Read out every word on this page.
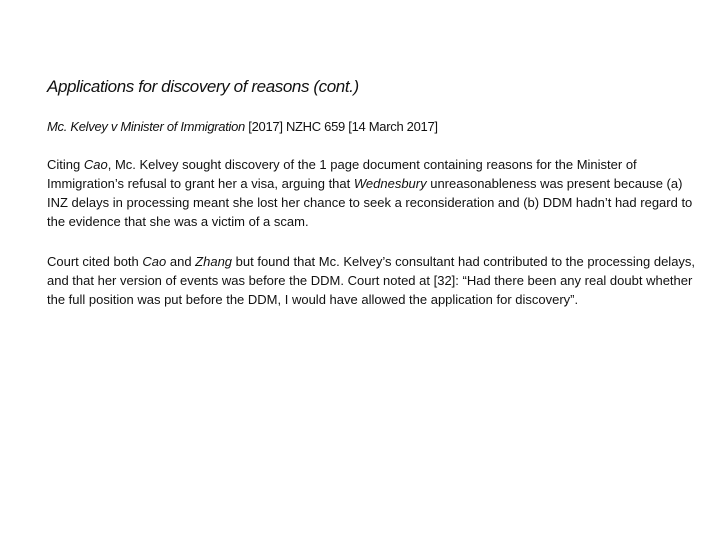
Applications for discovery of reasons (cont.)

Mc. Kelvey v Minister of Immigration [2017] NZHC 659 [14 March 2017]

Citing Cao, Mc. Kelvey sought discovery of the 1 page document containing reasons for the Minister of Immigration’s refusal to grant her a visa, arguing that Wednesbury unreasonableness was present because (a) INZ delays in processing meant she lost her chance to seek a reconsideration and (b) DDM hadn’t had regard to the evidence that she was a victim of a scam.

Court cited both Cao and Zhang but found that Mc. Kelvey’s consultant had contributed to the processing delays, and that her version of events was before the DDM. Court noted at [32]: “Had there been any real doubt whether the full position was put before the DDM, I would have allowed the application for discovery”.
